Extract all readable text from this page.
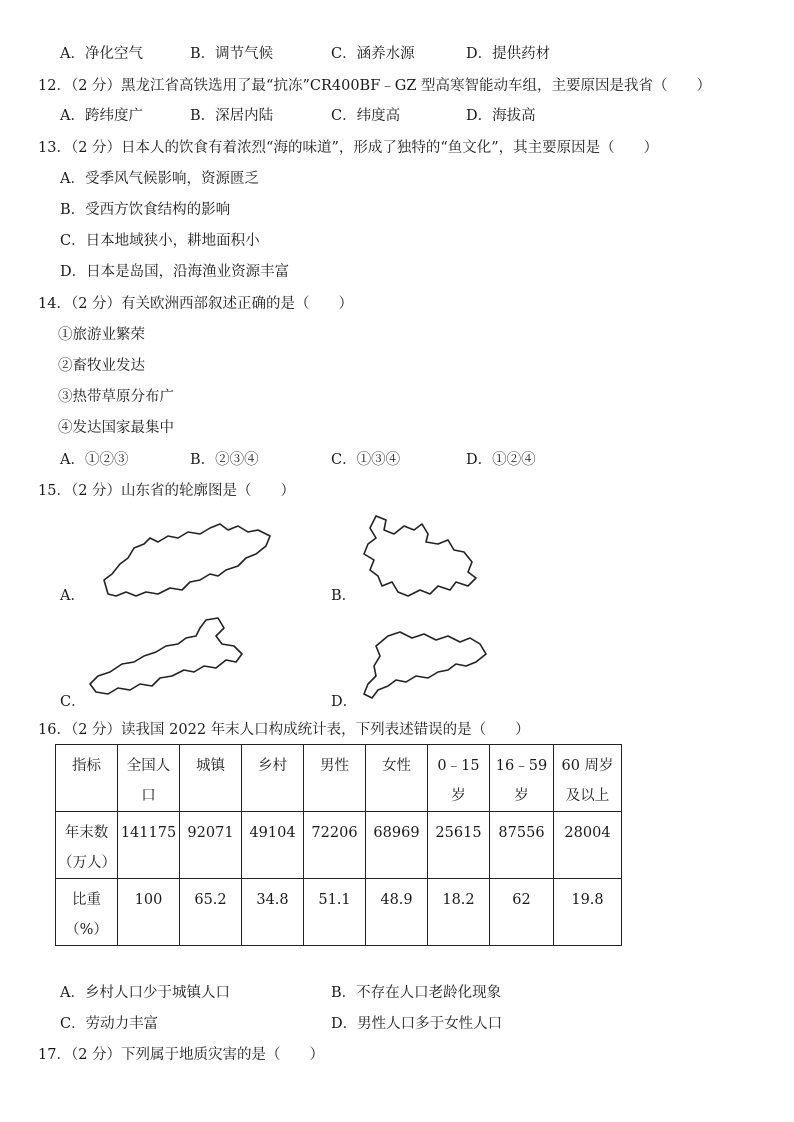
A．净化空气	B．调节气候	C．涵养水源	D．提供药材
12．（2 分）黑龙江省高铁选用了最“抗冻”CR400BF﹣GZ 型高寒智能动车组，主要原因是我省（　　）
A．跨纬度广	B．深居内陆	C．纬度高	D．海拔高
13．（2 分）日本人的饮食有着浓烈“海的味道”，形成了独特的“鱼文化”，其主要原因是（　　）
A．受季风气候影响，资源匮乏
B．受西方饮食结构的影响
C．日本地域狭小，耕地面积小
D．日本是岛国，沿海渔业资源丰富
14．（2 分）有关欧洲西部叙述正确的是（　　）
①旅游业繁荣
②畜牧业发达
③热带草原分布广
④发达国家最集中
A．①②③	B．②③④	C．①③④	D．①②④
15．（2 分）山东省的轮廓图是（　　）
A．	B．
C．	D．
16．（2 分）读我国 2022 年末人口构成统计表，下列表述错误的是（　　）
指标	全国人口	城镇	乡村	男性	女性	0﹣15 岁	16﹣59 岁	60 周岁及以上
年末数（万人）	141175	92071	49104	72206	68969	25615	87556	28004
比重（%）	100	65.2	34.8	51.1	48.9	18.2	62	19.8
A．乡村人口少于城镇人口	B．不存在人口老龄化现象
C．劳动力丰富	D．男性人口多于女性人口
17．（2 分）下列属于地质灾害的是（　　）
